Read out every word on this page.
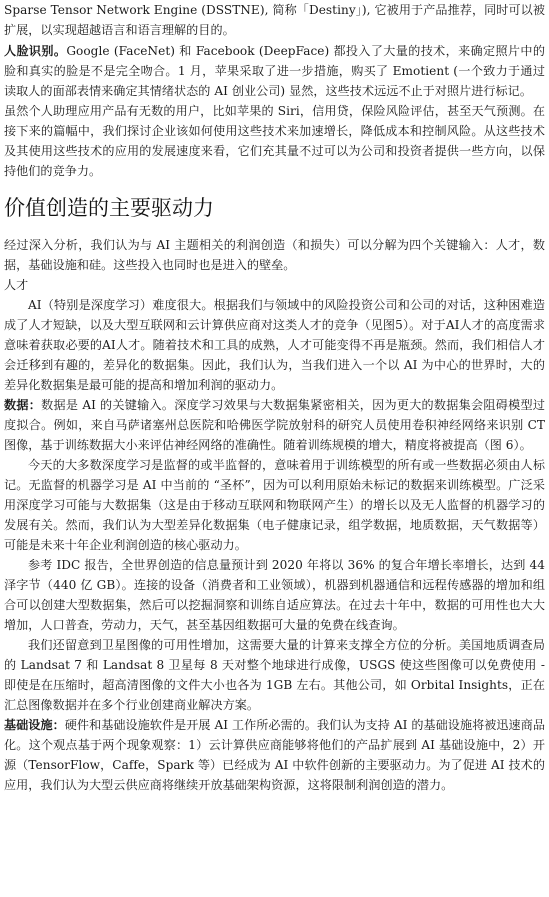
Sparse Tensor Network Engine (DSSTNE), 简称「Destiny」), 它被用于产品推荐，同时可以被扩展，以实现超越语言和语言理解的目的。

人脸识别。Google (FaceNet) 和 Facebook (DeepFace) 都投入了大量的技术，来确定照片中的脸和真实的脸是不是完全吻合。1 月，苹果采取了进一步措施，购买了 Emotient (一个致力于通过读取人的面部表情来确定其情绪状态的 AI 创业公司) 显然，这些技术远远不止于对照片进行标记。

虽然个人助理应用产品有无数的用户，比如苹果的 Siri，信用贷，保险风险评估，甚至天气预测。在接下来的篇幅中，我们探讨企业该如何使用这些技术来加速增长，降低成本和控制风险。从这些技术及其使用这些技术的应用的发展速度来看，它们充其量不过可以为公司和投资者提供一些方向，以保持他们的竞争力。

价值创造的主要驱动力

经过深入分析，我们认为与 AI 主题相关的利润创造（和损失）可以分解为四个关键输入：人才，数据，基础设施和硅。这些投入也同时也是进入的壁垒。

人才

AI（特别是深度学习）难度很大。根据我们与领域中的风险投资公司和公司的对话，这种困难造成了人才短缺，以及大型互联网和云计算供应商对这类人才的竞争（见图5）。对于AI人才的高度需求意味着获取必要的AI人才。随着技术和工具的成熟，人才可能变得不再是瓶颈。然而，我们相信人才会迁移到有趣的，差异化的数据集。因此，我们认为，当我们进入一个以 AI 为中心的世界时，大的差异化数据集是最可能的提高和增加利润的驱动力。

数据：数据是 AI 的关键输入。深度学习效果与大数据集紧密相关，因为更大的数据集会阻碍模型过度拟合。例如，来自马萨诸塞州总医院和哈佛医学院放射科的研究人员使用卷积神经网络来识别 CT 图像，基于训练数据大小来评估神经网络的准确性。随着训练规模的增大，精度将被提高（图 6）。

今天的大多数深度学习是监督的或半监督的，意味着用于训练模型的所有或一些数据必须由人标记。无监督的机器学习是 AI 中当前的 “圣杯”，因为可以利用原始未标记的数据来训练模型。广泛采用深度学习可能与大数据集（这是由于移动互联网和物联网产生）的增长以及无人监督的机器学习的发展有关。然而，我们认为大型差异化数据集（电子健康记录，组学数据，地质数据，天气数据等）可能是未来十年企业利润创造的核心驱动力。

参考 IDC 报告，全世界创造的信息量预计到 2020 年将以 36% 的复合年增长率增长，达到 44 泽字节（440 亿 GB）。连接的设备（消费者和工业领域），机器到机器通信和远程传感器的增加和组合可以创建大型数据集，然后可以挖掘洞察和训练自适应算法。在过去十年中，数据的可用性也大大增加，人口普查，劳动力，天气，甚至基因组数据可大量的免费在线查询。

我们还留意到卫星图像的可用性增加，这需要大量的计算来支撑全方位的分析。美国地质调查局的 Landsat 7 和 Landsat 8 卫星每 8 天对整个地球进行成像，USGS 使这些图像可以免费使用 - 即使是在压缩时，超高清图像的文件大小也各为 1GB 左右。其他公司，如 Orbital Insights，正在汇总图像数据并在多个行业创建商业解决方案。

基础设施：硬件和基础设施软件是开展 AI 工作所必需的。我们认为支持 AI 的基础设施将被迅速商品化。这个观点基于两个现象观察：1）云计算供应商能够将他们的产品扩展到 AI 基础设施中，2）开源（TensorFlow，Caffe，Spark 等）已经成为 AI 中软件创新的主要驱动力。为了促进 AI 技术的应用，我们认为大型云供应商将继续开放基础架构资源，这将限制利润创造的潜力。
